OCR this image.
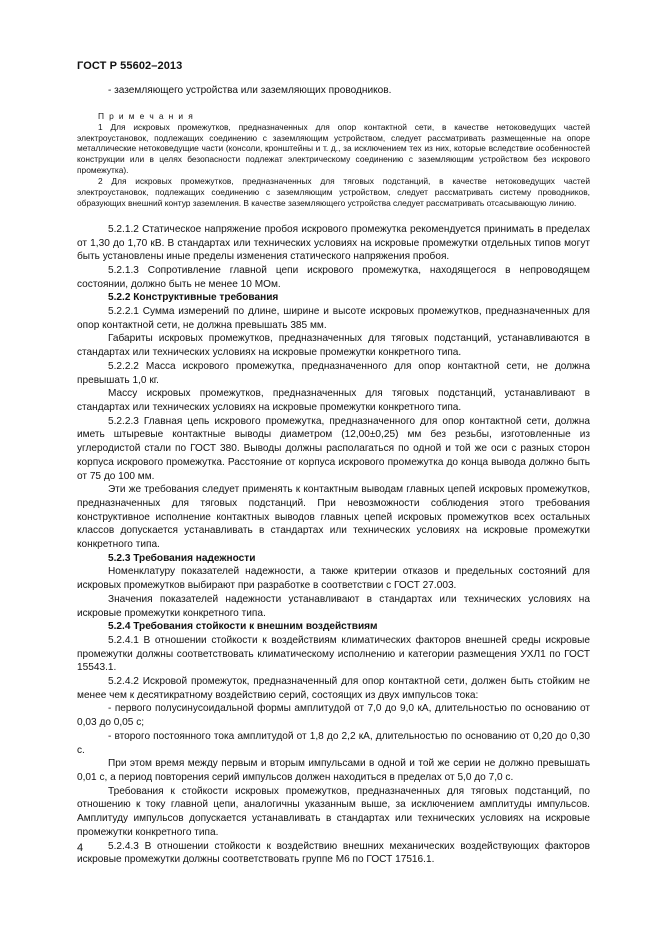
ГОСТ Р 55602–2013

- заземляющего устройства или заземляющих проводников.

П р и м е ч а н и я

1 Для искровых промежутков, предназначенных для опор контактной сети, в качестве нетоковедущих частей электроустановок, подлежащих соединению с заземляющим устройством, следует рассматривать размещенные на опоре металлические нетоковедущие части (консоли, кронштейны и т. д., за исключением тех из них, которые вследствие особенностей конструкции или в целях безопасности подлежат электрическому соединению с заземляющим устройством без искрового промежутка).

2 Для искровых промежутков, предназначенных для тяговых подстанций, в качестве нетоковедущих частей электроустановок, подлежащих соединению с заземляющим устройством, следует рассматривать систему проводников, образующих внешний контур заземления. В качестве заземляющего устройства следует рассматривать отсасывающую линию.

5.2.1.2 Статическое напряжение пробоя искрового промежутка рекомендуется принимать в пределах от 1,30 до 1,70 кВ. В стандартах или технических условиях на искровые промежутки отдельных типов могут быть установлены иные пределы изменения статического напряжения пробоя.

5.2.1.3 Сопротивление главной цепи искрового промежутка, находящегося в непроводящем состоянии, должно быть не менее 10 МОм.

5.2.2 Конструктивные требования

5.2.2.1 Сумма измерений по длине, ширине и высоте искровых промежутков, предназначенных для опор контактной сети, не должна превышать 385 мм.

Габариты искровых промежутков, предназначенных для тяговых подстанций, устанавливаются в стандартах или технических условиях на искровые промежутки конкретного типа.

5.2.2.2 Масса искрового промежутка, предназначенного для опор контактной сети, не должна превышать 1,0 кг.

Массу искровых промежутков, предназначенных для тяговых подстанций, устанавливают в стандартах или технических условиях на искровые промежутки конкретного типа.

5.2.2.3 Главная цепь искрового промежутка, предназначенного для опор контактной сети, должна иметь штыревые контактные выводы диаметром (12,00±0,25) мм без резьбы, изготовленные из углеродистой стали по ГОСТ 380. Выводы должны располагаться по одной и той же оси с разных сторон корпуса искрового промежутка. Расстояние от корпуса искрового промежутка до конца вывода должно быть от 75 до 100 мм.

Эти же требования следует применять к контактным выводам главных цепей искровых промежутков, предназначенных для тяговых подстанций. При невозможности соблюдения этого требования конструктивное исполнение контактных выводов главных цепей искровых промежутков всех остальных классов допускается устанавливать в стандартах или технических условиях на искровые промежутки конкретного типа.

5.2.3 Требования надежности

Номенклатуру показателей надежности, а также критерии отказов и предельных состояний для искровых промежутков выбирают при разработке в соответствии с ГОСТ 27.003.

Значения показателей надежности устанавливают в стандартах или технических условиях на искровые промежутки конкретного типа.

5.2.4 Требования стойкости к внешним воздействиям

5.2.4.1 В отношении стойкости к воздействиям климатических факторов внешней среды искровые промежутки должны соответствовать климатическому исполнению и категории размещения УХЛ1 по ГОСТ 15543.1.

5.2.4.2 Искровой промежуток, предназначенный для опор контактной сети, должен быть стойким не менее чем к десятикратному воздействию серий, состоящих из двух импульсов тока:

- первого полусинусоидальной формы амплитудой от 7,0 до 9,0 кА, длительностью по основанию от 0,03 до 0,05 с;

- второго постоянного тока амплитудой от 1,8 до 2,2 кА, длительностью по основанию от 0,20 до 0,30 с.

При этом время между первым и вторым импульсами в одной и той же серии не должно превышать 0,01 с, а период повторения серий импульсов должен находиться в пределах от 5,0 до 7,0 с.

Требования к стойкости искровых промежутков, предназначенных для тяговых подстанций, по отношению к току главной цепи, аналогичны указанным выше, за исключением амплитуды импульсов. Амплитуду импульсов допускается устанавливать в стандартах или технических условиях на искровые промежутки конкретного типа.

5.2.4.3 В отношении стойкости к воздействию внешних механических воздействующих факторов искровые промежутки должны соответствовать группе М6 по ГОСТ 17516.1.

4
